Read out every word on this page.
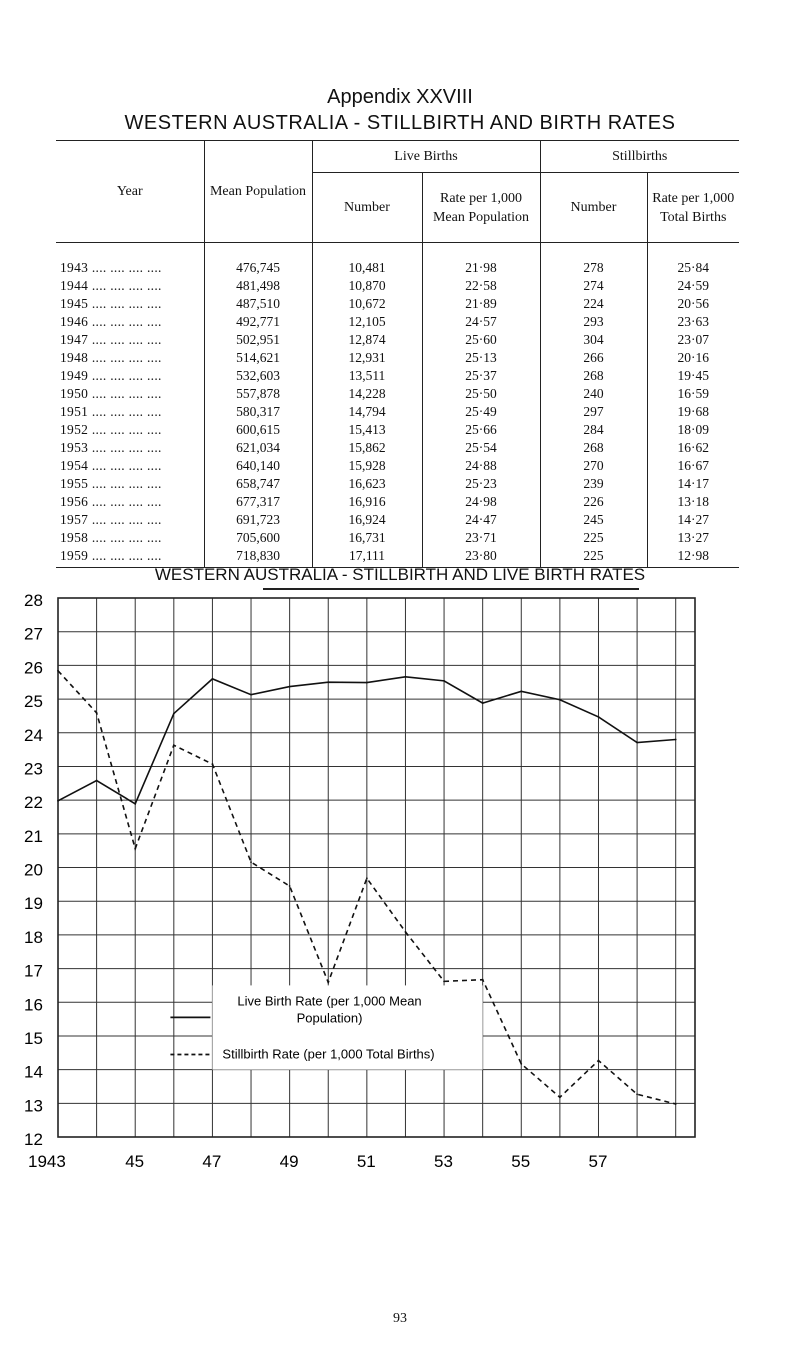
Appendix XXVIII
WESTERN AUSTRALIA - STILLBIRTH AND BIRTH RATES
Year	Mean Population	Live Births		Stillbirths	
		Number	Rate per 1,000 Mean Population	Number	Rate per 1,000 Total Births
1943 .... .... .... ....	476,745	10,481	21·98	278	25·84
1944 .... .... .... ....	481,498	10,870	22·58	274	24·59
1945 .... .... .... ....	487,510	10,672	21·89	224	20·56
1946 .... .... .... ....	492,771	12,105	24·57	293	23·63
1947 .... .... .... ....	502,951	12,874	25·60	304	23·07
1948 .... .... .... ....	514,621	12,931	25·13	266	20·16
1949 .... .... .... ....	532,603	13,511	25·37	268	19·45
1950 .... .... .... ....	557,878	14,228	25·50	240	16·59
1951 .... .... .... ....	580,317	14,794	25·49	297	19·68
1952 .... .... .... ....	600,615	15,413	25·66	284	18·09
1953 .... .... .... ....	621,034	15,862	25·54	268	16·62
1954 .... .... .... ....	640,140	15,928	24·88	270	16·67
1955 .... .... .... ....	658,747	16,623	25·23	239	14·17
1956 .... .... .... ....	677,317	16,916	24·98	226	13·18
1957 .... .... .... ....	691,723	16,924	24·47	245	14·27
1958 .... .... .... ....	705,600	16,731	23·71	225	13·27
1959 .... .... .... ....	718,830	17,111	23·80	225	12·98
WESTERN AUSTRALIA - STILLBIRTH AND LIVE BIRTH RATES
Live Birth Rate (per 1,000 Mean
Population)
Stillbirth Rate (per 1,000 Total Births)
28
27
26
25
24
23
22
21
20
19
18
17
16
15
14
13
12
1943	45	47	49	51	53	55	57
93
